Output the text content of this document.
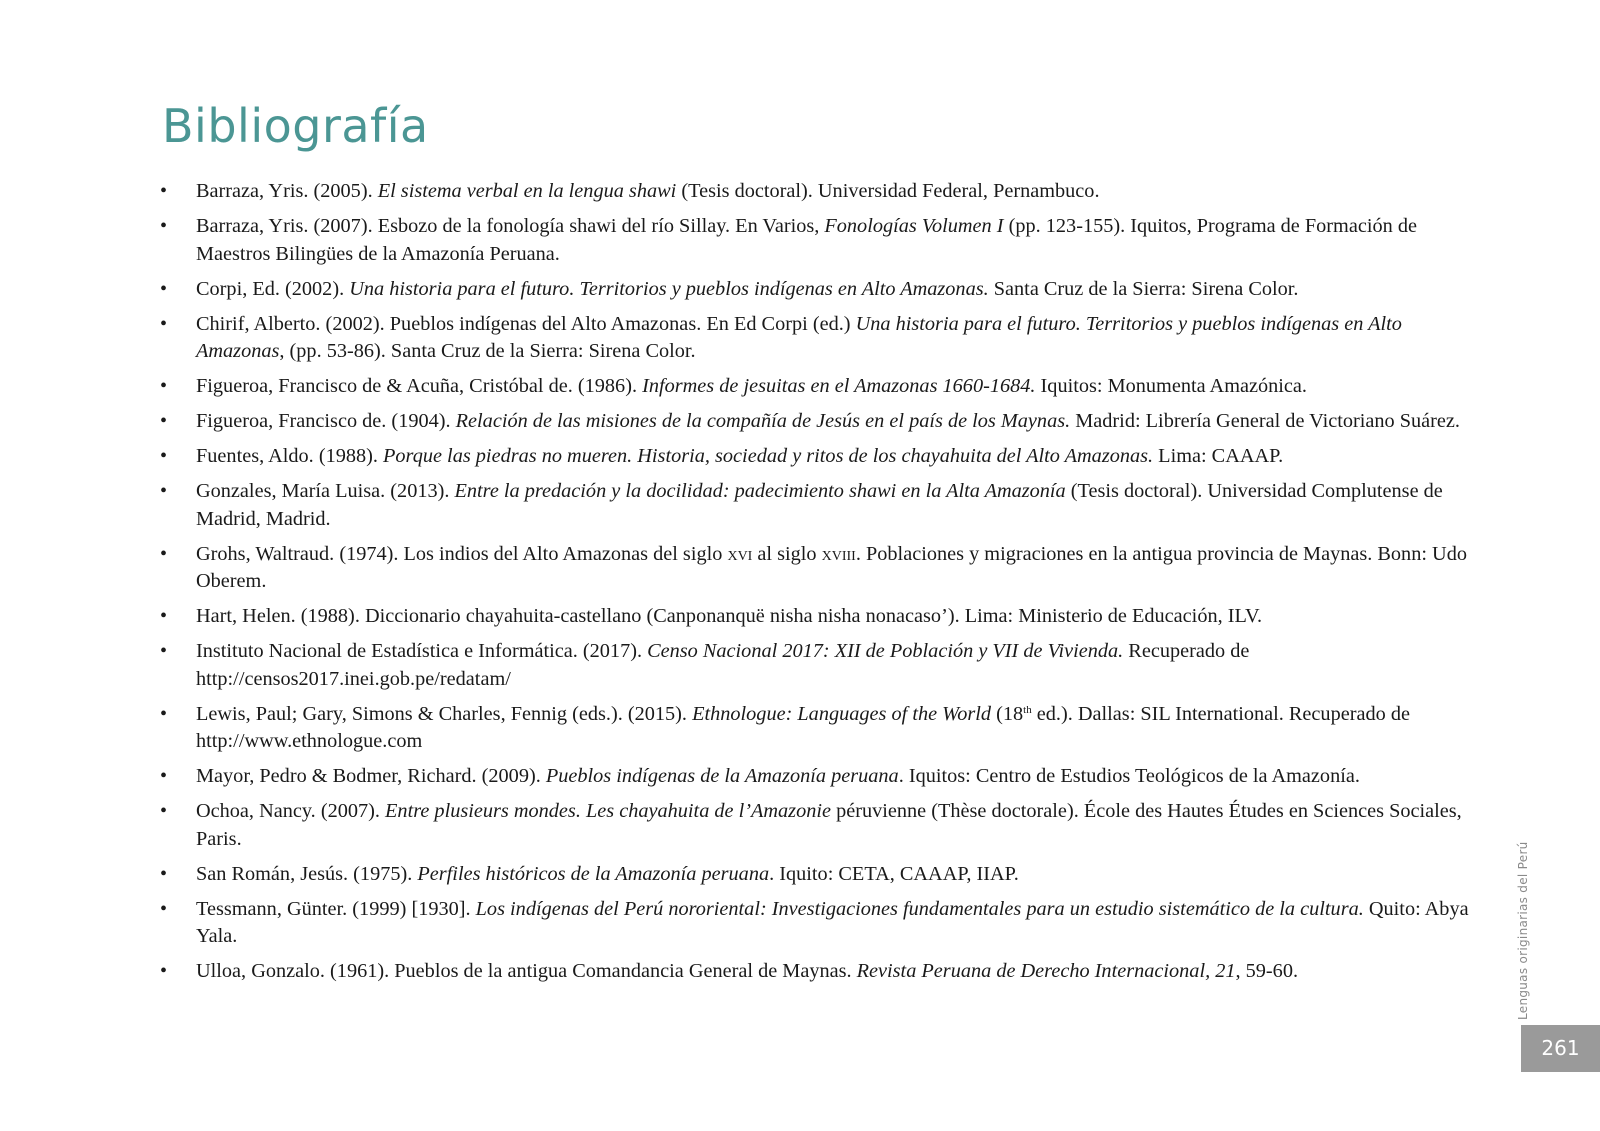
Bibliografía
• Barraza, Yris. (2005). El sistema verbal en la lengua shawi (Tesis doctoral). Universidad Federal, Pernambuco.
• Barraza, Yris. (2007). Esbozo de la fonología shawi del río Sillay. En Varios, Fonologías Volumen I (pp. 123-155). Iquitos, Programa de Formación de Maestros Bilingües de la Amazonía Peruana.
• Corpi, Ed. (2002). Una historia para el futuro. Territorios y pueblos indígenas en Alto Amazonas. Santa Cruz de la Sierra: Sirena Color.
• Chirif, Alberto. (2002). Pueblos indígenas del Alto Amazonas. En Ed Corpi (ed.) Una historia para el futuro. Territorios y pueblos indígenas en Alto Amazonas, (pp. 53-86). Santa Cruz de la Sierra: Sirena Color.
• Figueroa, Francisco de & Acuña, Cristóbal de. (1986). Informes de jesuitas en el Amazonas 1660-1684. Iquitos: Monumenta Amazónica.
• Figueroa, Francisco de. (1904). Relación de las misiones de la compañía de Jesús en el país de los Maynas. Madrid: Librería General de Victoriano Suárez.
• Fuentes, Aldo. (1988). Porque las piedras no mueren. Historia, sociedad y ritos de los chayahuita del Alto Amazonas. Lima: CAAAP.
• Gonzales, María Luisa. (2013). Entre la predación y la docilidad: padecimiento shawi en la Alta Amazonía (Tesis doctoral). Universidad Complutense de Madrid, Madrid.
• Grohs, Waltraud. (1974). Los indios del Alto Amazonas del siglo xvi al siglo xviii. Poblaciones y migraciones en la antigua provincia de Maynas. Bonn: Udo Oberem.
• Hart, Helen. (1988). Diccionario chayahuita-castellano (Canponanquë nisha nisha nonacaso’). Lima: Ministerio de Educación, ILV.
• Instituto Nacional de Estadística e Informática. (2017). Censo Nacional 2017: XII de Población y VII de Vivienda. Recuperado de http://censos2017.inei.gob.pe/redatam/
• Lewis, Paul; Gary, Simons & Charles, Fennig (eds.). (2015). Ethnologue: Languages of the World (18th ed.). Dallas: SIL International. Recuperado de http://www.ethnologue.com
• Mayor, Pedro & Bodmer, Richard. (2009). Pueblos indígenas de la Amazonía peruana. Iquitos: Centro de Estudios Teológicos de la Amazonía.
• Ochoa, Nancy. (2007). Entre plusieurs mondes. Les chayahuita de l’Amazonie péruvienne (Thèse doctorale). École des Hautes Études en Sciences Sociales, Paris.
• San Román, Jesús. (1975). Perfiles históricos de la Amazonía peruana. Iquito: CETA, CAAAP, IIAP.
• Tessmann, Günter. (1999) [1930]. Los indígenas del Perú nororiental: Investigaciones fundamentales para un estudio sistemático de la cultura. Quito: Abya Yala.
• Ulloa, Gonzalo. (1961). Pueblos de la antigua Comandancia General de Maynas. Revista Peruana de Derecho Internacional, 21, 59-60.	Lenguas originarias del Perú
261
